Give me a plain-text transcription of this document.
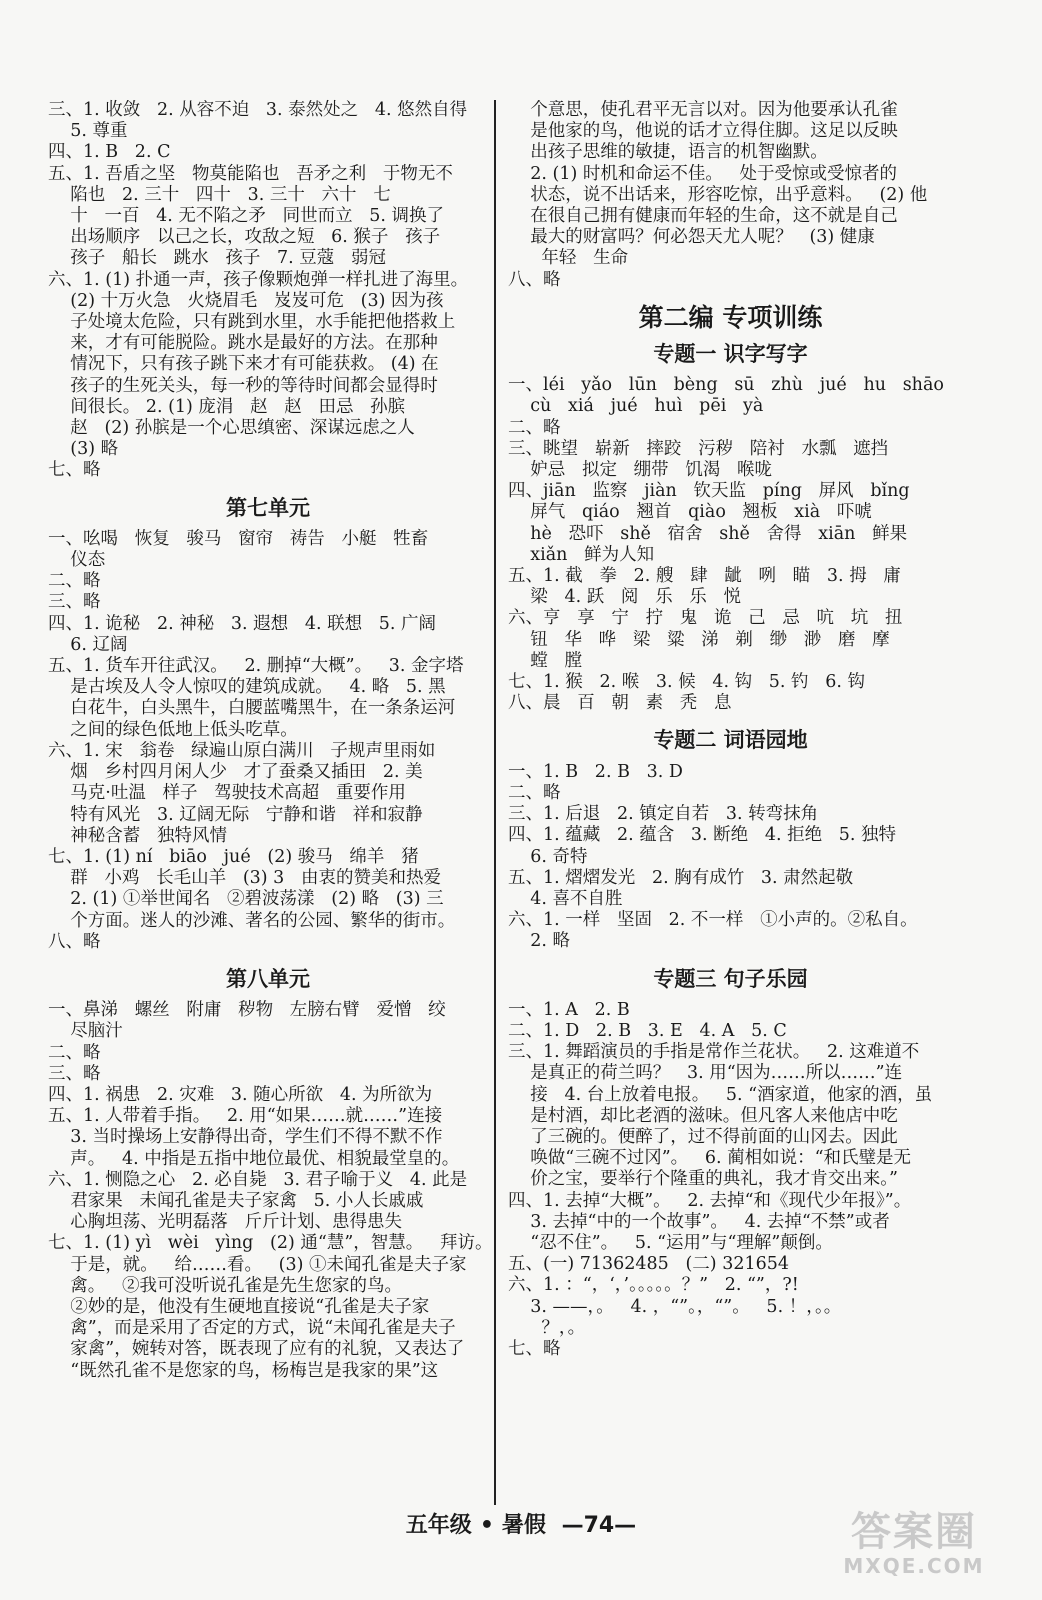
三、1. 收敛   2. 从容不迫   3. 泰然处之   4. 悠然自得
5. 尊重
四、1. B   2. C
五、1. 吾盾之坚   物莫能陷也   吾矛之利   于物无不
陷也   2. 三十   四十   3. 三十   六十   七
十   一百   4. 无不陷之矛   同世而立   5. 调换了
出场顺序   以己之长，攻敌之短   6. 猴子   孩子
孩子   船长   跳水   孩子   7. 豆蔻   弱冠
六、1. (1) 扑通一声，孩子像颗炮弹一样扎进了海里。
(2) 十万火急   火烧眉毛   岌岌可危   (3) 因为孩
子处境太危险，只有跳到水里，水手能把他搭救上
来，才有可能脱险。跳水是最好的方法。在那种
情况下，只有孩子跳下来才有可能获救。 (4) 在
孩子的生死关头，每一秒的等待时间都会显得时
间很长。 2. (1) 庞涓   赵   赵   田忌   孙膑
赵   (2) 孙膑是一个心思缜密、深谋远虑之人
(3) 略
七、略
第七单元
一、吆喝   恢复   骏马   窗帘   祷告   小艇   牲畜
仪态
二、略
三、略
四、1. 诡秘   2. 神秘   3. 遐想   4. 联想   5. 广阔
6. 辽阔
五、1. 货车开往武汉。   2. 删掉“大概”。   3. 金字塔
是古埃及人令人惊叹的建筑成就。   4. 略   5. 黑
白花牛，白头黑牛，白腰蓝嘴黑牛，在一条条运河
之间的绿色低地上低头吃草。
六、1. 宋   翁卷   绿遍山原白满川   子规声里雨如
烟   乡村四月闲人少   才了蚕桑又插田   2. 美
马克·吐温   样子   驾驶技术高超   重要作用
特有风光   3. 辽阔无际   宁静和谐   祥和寂静
神秘含蓄   独特风情
七、1. (1) ní   biāo   jué   (2) 骏马   绵羊   猪
群   小鸡   长毛山羊   (3) 3   由衷的赞美和热爱
2. (1) ①举世闻名   ②碧波荡漾   (2) 略   (3) 三
个方面。迷人的沙滩、著名的公园、繁华的街市。
八、略
第八单元
一、鼻涕   螺丝   附庸   秽物   左膀右臂   爱憎   绞
尽脑汁
二、略
三、略
四、1. 祸患   2. 灾难   3. 随心所欲   4. 为所欲为
五、1. 人带着手指。   2. 用“如果……就……”连接
3. 当时操场上安静得出奇，学生们不得不默不作
声。   4. 中指是五指中地位最优、相貌最堂皇的。
六、1. 恻隐之心   2. 必自毙   3. 君子喻于义   4. 此是
君家果   未闻孔雀是夫子家禽   5. 小人长戚戚
心胸坦荡、光明磊落   斤斤计划、患得患失
七、1. (1) yì   wèi   yìng   (2) 通“慧”，智慧。   拜访。
于是，就。   给……看。   (3) ①未闻孔雀是夫子家
禽。   ②我可没听说孔雀是先生您家的鸟。
②妙的是，他没有生硬地直接说“孔雀是夫子家
禽”，而是采用了否定的方式，说“未闻孔雀是夫子
家禽”，婉转对答，既表现了应有的礼貌，又表达了
“既然孔雀不是您家的鸟，杨梅岂是我家的果”这
个意思，使孔君平无言以对。因为他要承认孔雀
是他家的鸟，他说的话才立得住脚。这足以反映
出孩子思维的敏捷，语言的机智幽默。
2. (1) 时机和命运不佳。   处于受惊或受惊者的
状态，说不出话来，形容吃惊，出乎意料。   (2) 他
在很自己拥有健康而年轻的生命，这不就是自己
最大的财富吗？何必怨天尤人呢？   (3) 健康
年轻   生命
八、略
第二编 专项训练
专题一 识字写字
一、léi   yǎo   lūn   bèng   sū   zhù   jué   hu   shāo
cù   xiá   jué   huì   pēi   yà
二、略
三、眺望   崭新   摔跤   污秽   陪衬   水瓢   遮挡
妒忌   拟定   绷带   饥渴   喉咙
四、jiān   监察   jiàn   钦天监   píng   屏风   bǐng
屏气   qiáo   翘首   qiào   翘板   xià   吓唬
hè   恐吓   shě   宿舍   shě   舍得   xiān   鲜果
xiǎn   鲜为人知
五、1. 截   拳   2. 艘   肆   龇   咧   瞄   3. 拇   庸
梁   4. 跃   阅   乐   乐   悦
六、亨   享   宁   拧   鬼   诡   己   忌   吭   坑   扭
钮   华   哗   梁   粱   涕   剃   缈   渺   磨   摩
螳   膛
七、1. 猴   2. 喉   3. 候   4. 钩   5. 钓   6. 钩
八、晨   百   朝   素   秃   息
专题二 词语园地
一、1. B   2. B   3. D
二、略
三、1. 后退   2. 镇定自若   3. 转弯抹角
四、1. 蕴藏   2. 蕴含   3. 断绝   4. 拒绝   5. 独特
6. 奇特
五、1. 熠熠发光   2. 胸有成竹   3. 肃然起敬
4. 喜不自胜
六、1. 一样   坚固   2. 不一样   ①小声的。②私自。
2. 略
专题三 句子乐园
一、1. A   2. B
二、1. D   2. B   3. E   4. A   5. C
三、1. 舞蹈演员的手指是常作兰花状。   2. 这难道不
是真正的荷兰吗？   3. 用“因为……所以……”连
接   4. 台上放着电报。   5. “酒家道，他家的酒，虽
是村酒，却比老酒的滋味。但凡客人来他店中吃
了三碗的。便醉了，过不得前面的山冈去。因此
唤做“三碗不过冈”。   6. 蔺相如说：“和氏璧是无
价之宝，要举行个隆重的典礼，我才肯交出来。”
四、1. 去掉“大概”。   2. 去掉“和《现代少年报》”。
3. 去掉“中的一个故事”。   4. 去掉“不禁”或者
“忍不住”。   5. “运用”与“理解”颠倒。
五、(一) 71362485   (二) 321654
六、1. ：“，‘，’。。。。。？”   2. “”，?!
3. ——，。   4. ，“”。，“”。   5. ！，。。
？，。
七、略
五年级 • 暑假 —74—	答案圈
MXQE.COM
